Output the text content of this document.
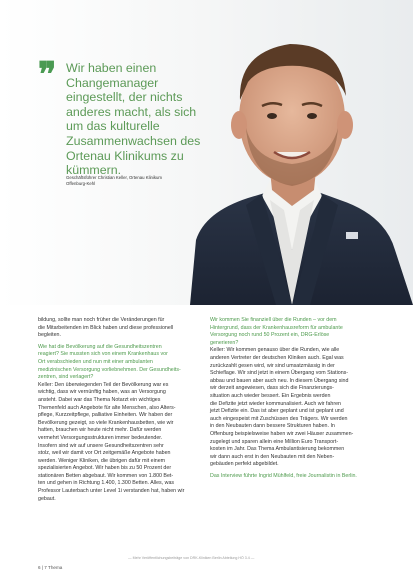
❞ Wir haben einen
Changemanager
eingestellt, der nichts
anderes macht, als sich
um das kulturelle
Zusammenwachsen des
Ortenau Klinikums zu
kümmern.
Geschäftsführer Christian Keller, Ortenau Klinikum
Offenburg-Kehl
bildung, sollte man noch früher die Veränderungen für
die Mitarbeitenden im Blick haben und diese professionell
begleiten.
Wie hat die Bevölkerung auf die Gesundheitszentren
reagiert? Sie mussten sich von einem Krankenhaus vor
Ort verabschieden und nun mit einer ambulanten
medizinischen Versorgung vorliebnehmen. Der Gesundheits-
zentren, sind verlagert?
Keller: Den überwiegenden Teil der Bevölkerung war es
wichtig, dass wir vernünftig haben, was an Versorgung
ansteht. Dabei war das Thema Notarzt ein wichtiges
Themenfeld auch Angebote für alte Menschen, also Alters-
pflege, Kurzzeitpflege, palliative Einheiten. Wir haben der
Bevölkerung gezeigt, so viele Krankenhausbetten, wie wir
hatten, brauchen wir heute nicht mehr. Dafür werden
vermehrt Versorgungsstrukturen immer bedeutender.
Insofern sind wir auf unsere Gesundheitszentren sehr
stolz, weil wir damit vor Ort zeitgemäße Angebote haben
werden. Weniger Kliniken, die übrigen dafür mit einem
spezialisierten Angebot. Wir haben bis zu 50 Prozent der
stationären Betten abgebaut. Wir kommen von 1.800 Bet-
ten und gehen in Richtung 1.400, 1.300 Betten. Alles, was
Professor Lauterbach unter Level 1i verstanden hat, haben wir
gebaut.
Wir kommen Sie finanziell über die Runden – vor dem
Hintergrund, dass der Krankenhausreform für ambulante
Versorgung noch rund 50 Prozent ein, DRG-Erlöse
generieren?
Keller: Wir kommen genauso über die Runden, wie alle
anderen Vertreter der deutschen Kliniken auch. Egal was
zurückzahlt gesen wird, wir sind umsatzmässig in der
Schieflage. Wir sind jetzt in einem Übergang vom Stations-
abbau und bauen aber auch neu. In diesem Übergang sind
wir derzeit angewiesen, dass sich die Finanzierungs-
situation auch wieder bessert. Ein Ergebnis werden
die Defizite jetzt wieder kommunalisiert. Auch wir fahren
jetzt Defizite ein. Das ist aber geplant und ist geplant und
auch eingespeist mit Zuschüssen des Trägers. Wir werden
in den Neubauten dann bessere Strukturen haben. In
Offenburg beispielsweise haben wir zwei Häuser zusammen-
zugelegt und sparen allein eine Million Euro Transport-
kosten im Jahr. Das Thema Ambulantisierung bekommen
wir dann auch erst in den Neubauten mit den Neben-
gebäuden perfekt abgebildet.
Das Interview führte Ingrid Mühlfeld, freie Journalistin in Berlin.
— Mehr Veröffentlichungsbeiträge von DRK-Kliniken Berlin Abteilung HÖ 3.4 —
6 | 7 Thema
